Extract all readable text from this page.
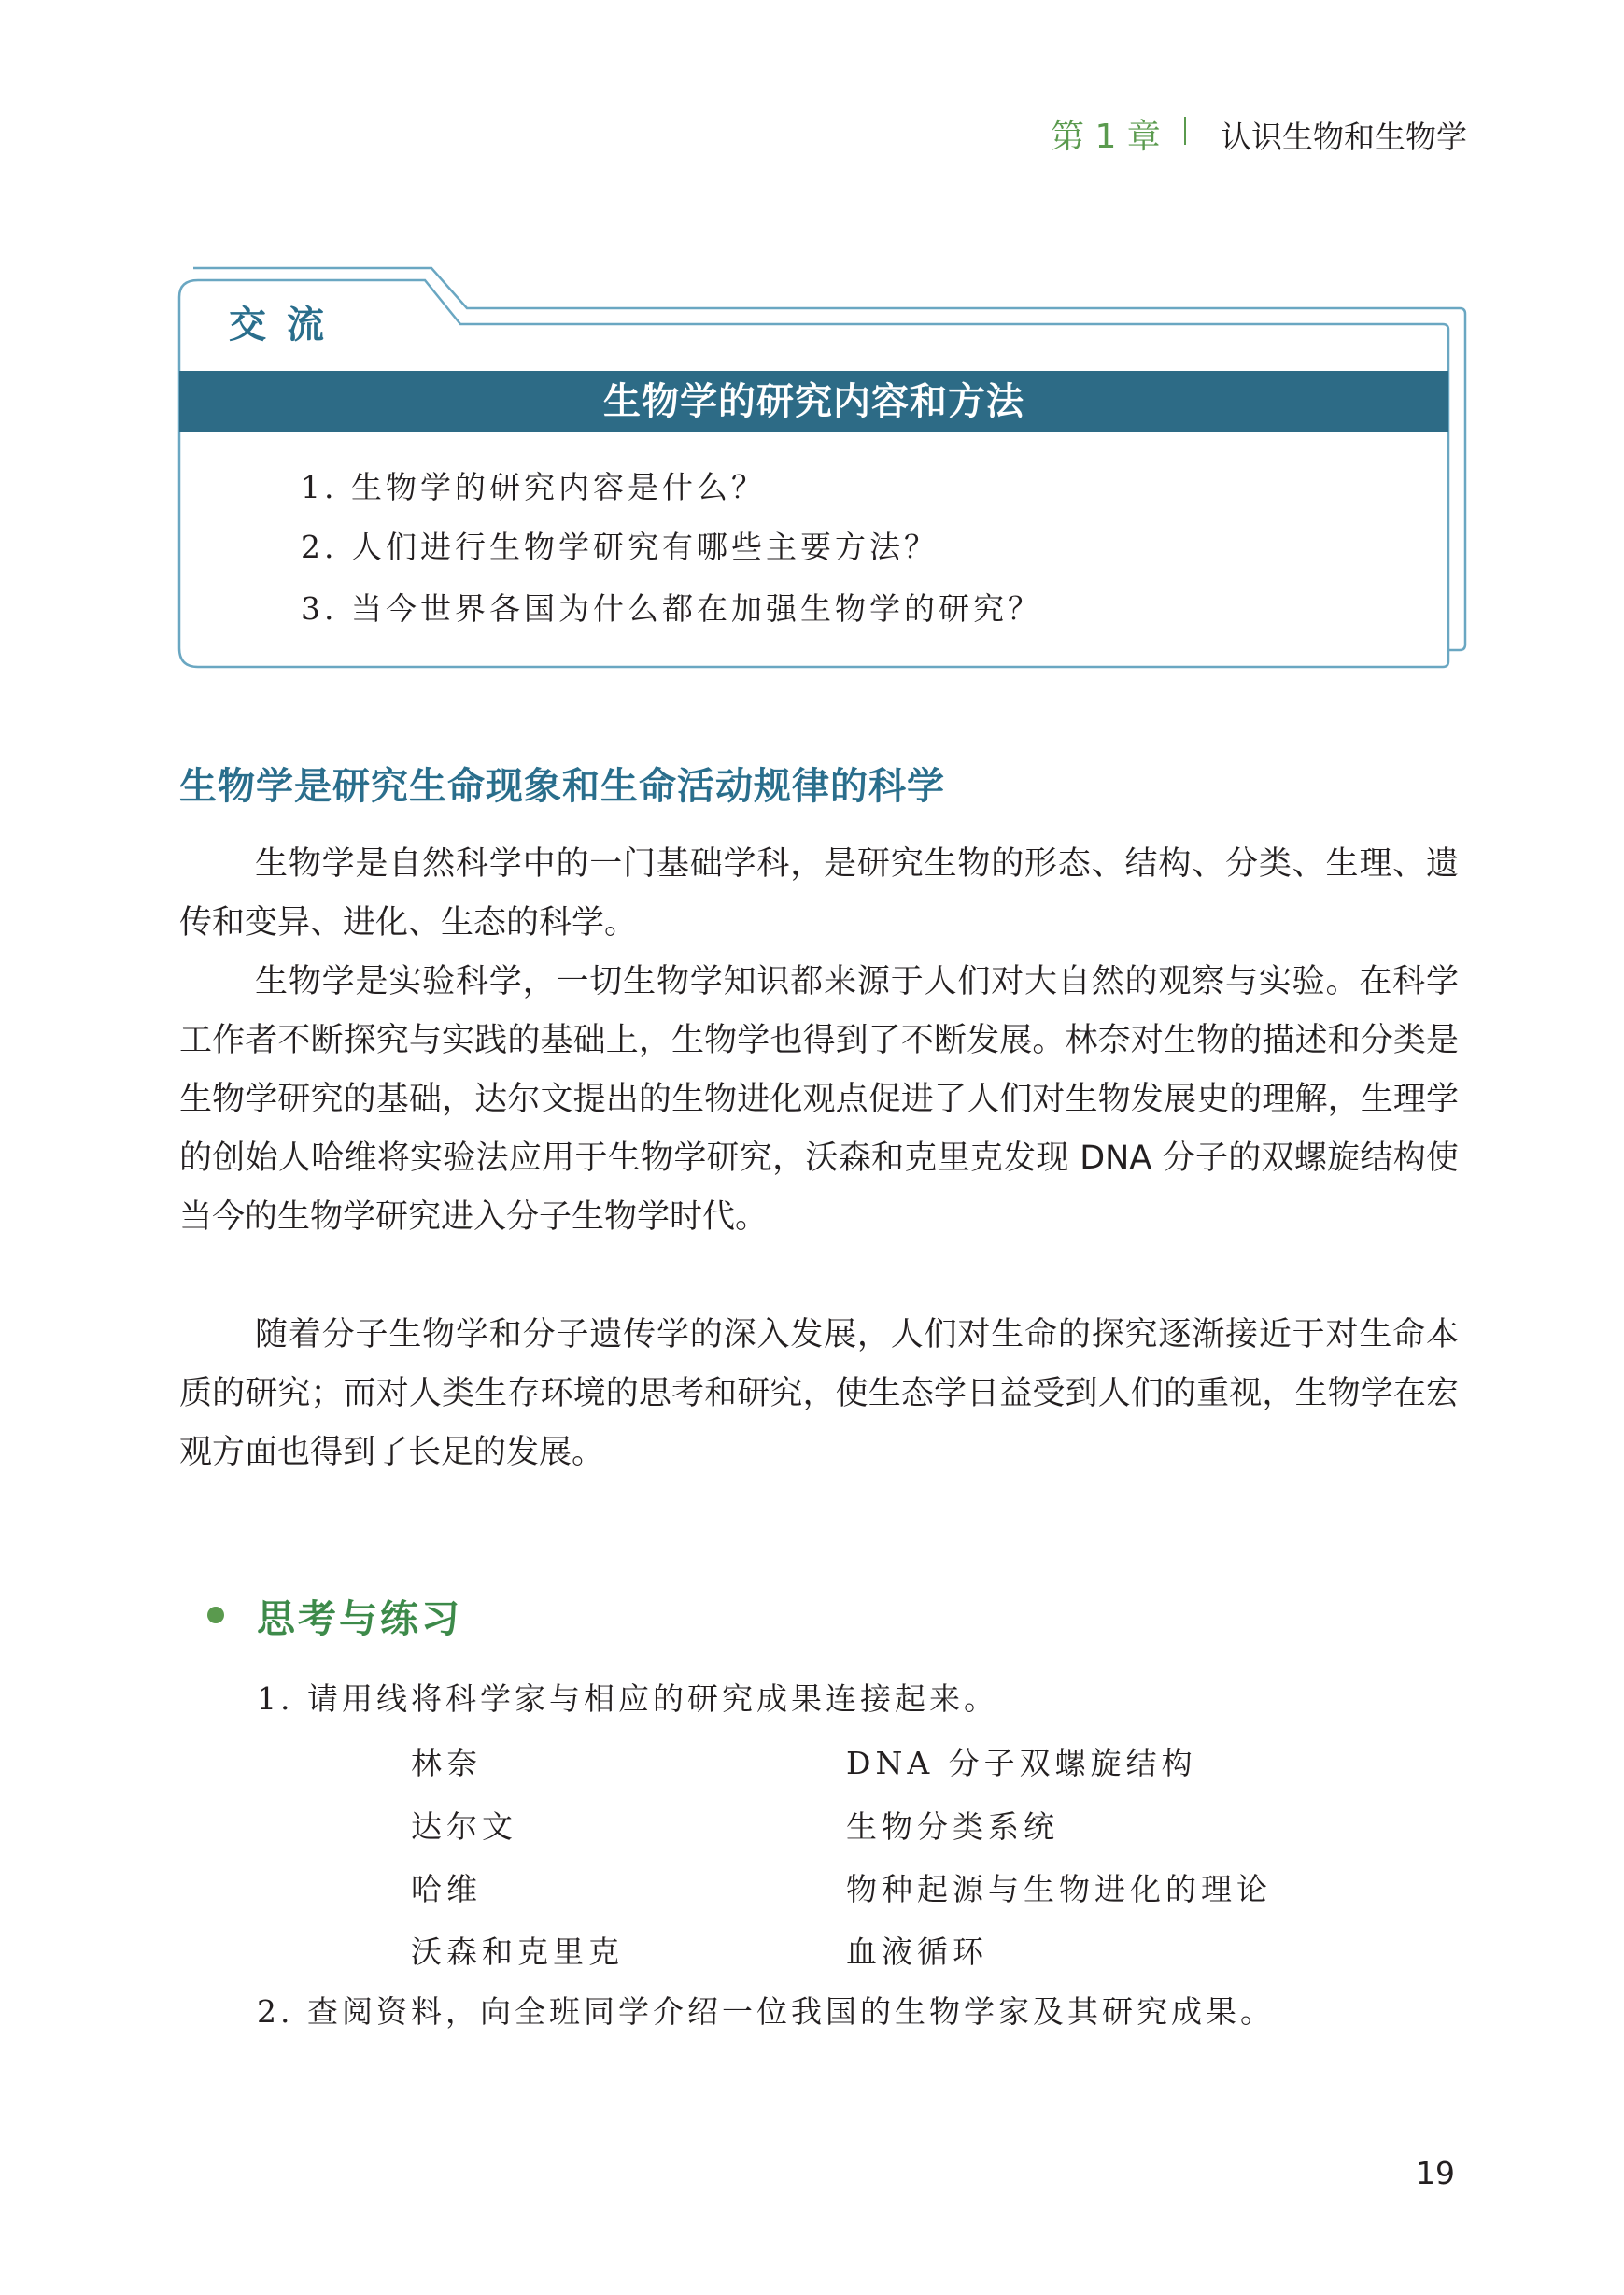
第 1 章 认识生物和生物学
交流
生物学的研究内容和方法
1. 生物学的研究内容是什么？
2. 人们进行生物学研究有哪些主要方法？
3. 当今世界各国为什么都在加强生物学的研究？
生物学是研究生命现象和生命活动规律的科学

生物学是自然科学中的一门基础学科，是研究生物的形态、结构、分类、生理、遗传和变异、进化、生态的科学。

生物学是实验科学，一切生物学知识都来源于人们对大自然的观察与实验。在科学工作者不断探究与实践的基础上，生物学也得到了不断发展。林奈对生物的描述和分类是生物学研究的基础，达尔文提出的生物进化观点促进了人们对生物发展史的理解，生理学的创始人哈维将实验法应用于生物学研究，沃森和克里克发现 DNA 分子的双螺旋结构使当今的生物学研究进入分子生物学时代。

随着分子生物学和分子遗传学的深入发展，人们对生命的探究逐渐接近于对生命本质的研究；而对人类生存环境的思考和研究，使生态学日益受到人们的重视，生物学在宏观方面也得到了长足的发展。

思考与练习
1. 请用线将科学家与相应的研究成果连接起来。
林奈
达尔文
哈维
沃森和克里克
DNA 分子双螺旋结构
生物分类系统
物种起源与生物进化的理论
血液循环
2. 查阅资料，向全班同学介绍一位我国的生物学家及其研究成果。
19
